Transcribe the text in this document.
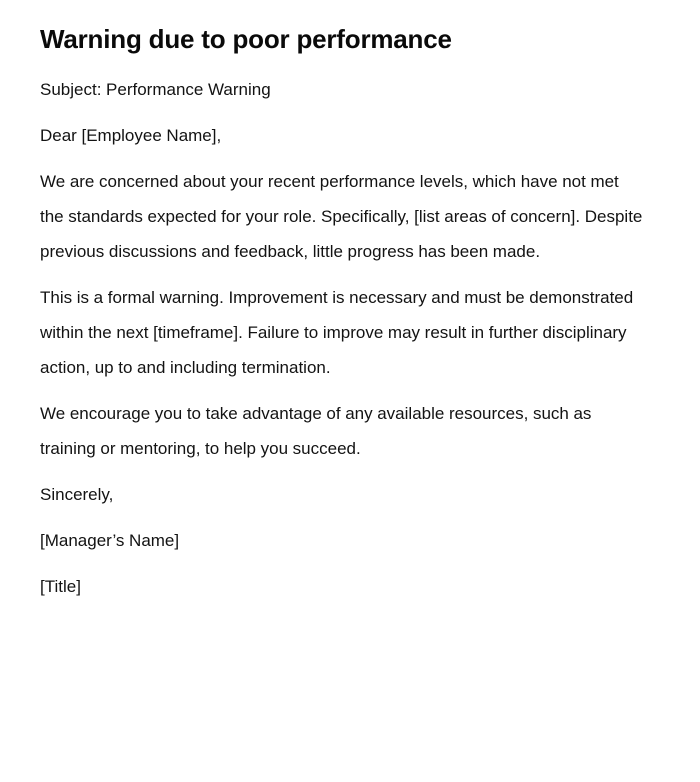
Warning due to poor performance

Subject: Performance Warning

Dear [Employee Name],

We are concerned about your recent performance levels, which have not met the standards expected for your role. Specifically, [list areas of concern]. Despite previous discussions and feedback, little progress has been made.

This is a formal warning. Improvement is necessary and must be demonstrated within the next [timeframe]. Failure to improve may result in further disciplinary action, up to and including termination.

We encourage you to take advantage of any available resources, such as training or mentoring, to help you succeed.

Sincerely,

[Manager’s Name]

[Title]
